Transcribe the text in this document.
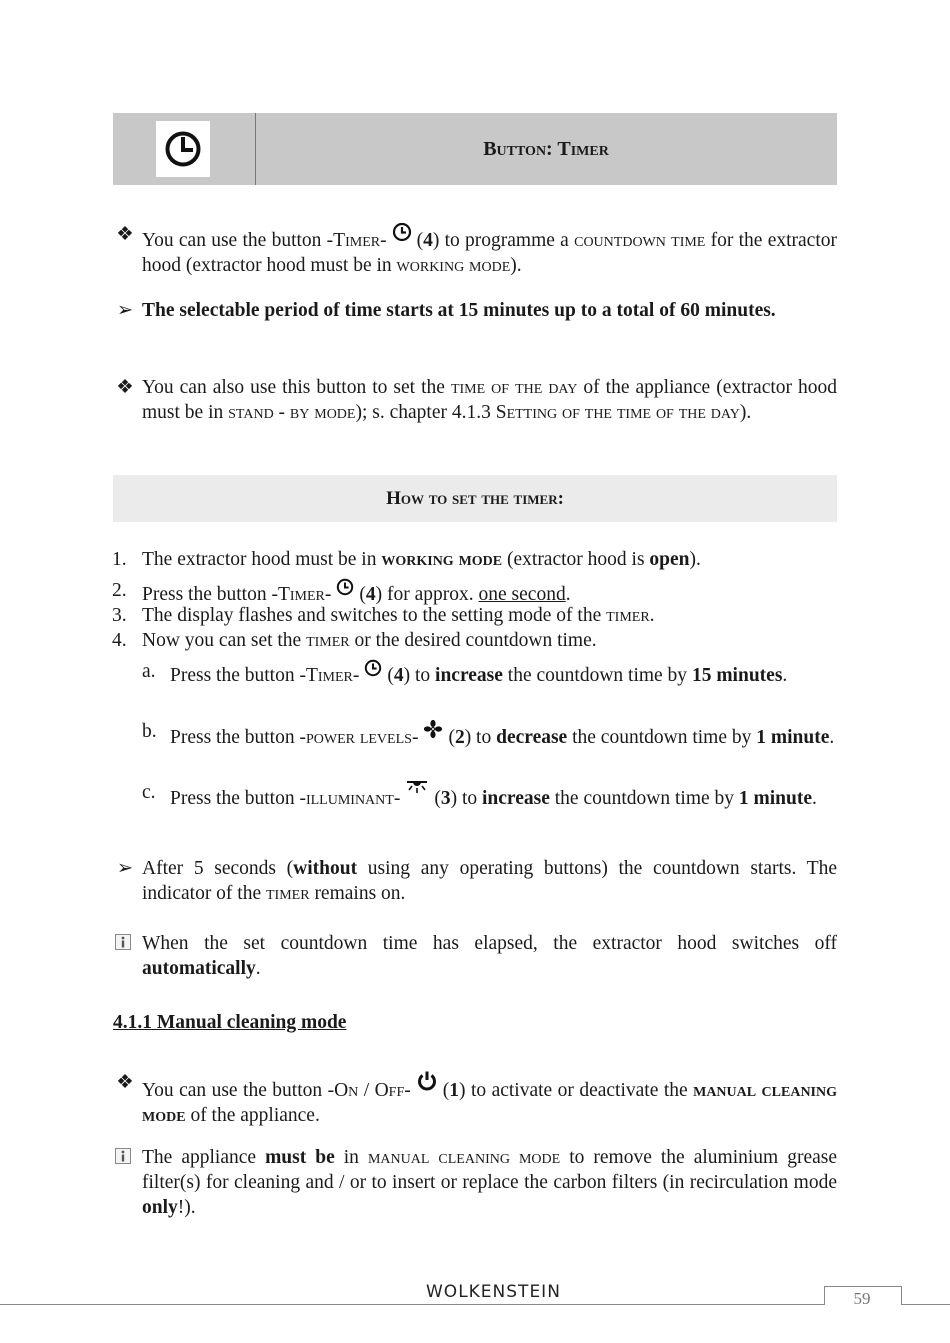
Button: Timer
❖ You can use the button -Timer- (4) to programme a countdown time for the extractor hood (extractor hood must be in working mode).
➢ The selectable period of time starts at 15 minutes up to a total of 60 minutes.
❖ You can also use this button to set the time of the day of the appliance (extractor hood must be in stand - by mode); s. chapter 4.1.3 Setting of the time of the day).
How to set the timer:
1. The extractor hood must be in working mode (extractor hood is open).
2. Press the button -Timer- (4) for approx. one second.
3. The display flashes and switches to the setting mode of the timer.
4. Now you can set the timer or the desired countdown time.
a. Press the button -Timer- (4) to increase the countdown time by 15 minutes.
b. Press the button -power levels- (2) to decrease the countdown time by 1 minute.
c. Press the button -illuminant- (3) to increase the countdown time by 1 minute.
➢ After 5 seconds (without using any operating buttons) the countdown starts. The indicator of the timer remains on.
When the set countdown time has elapsed, the extractor hood switches off automatically.
4.1.1 Manual cleaning mode
❖ You can use the button -On / Off- (1) to activate or deactivate the manual cleaning mode of the appliance.
The appliance must be in manual cleaning mode to remove the aluminium grease filter(s) for cleaning and / or to insert or replace the carbon filters (in recirculation mode only!).
WOLKENSTEIN	59
